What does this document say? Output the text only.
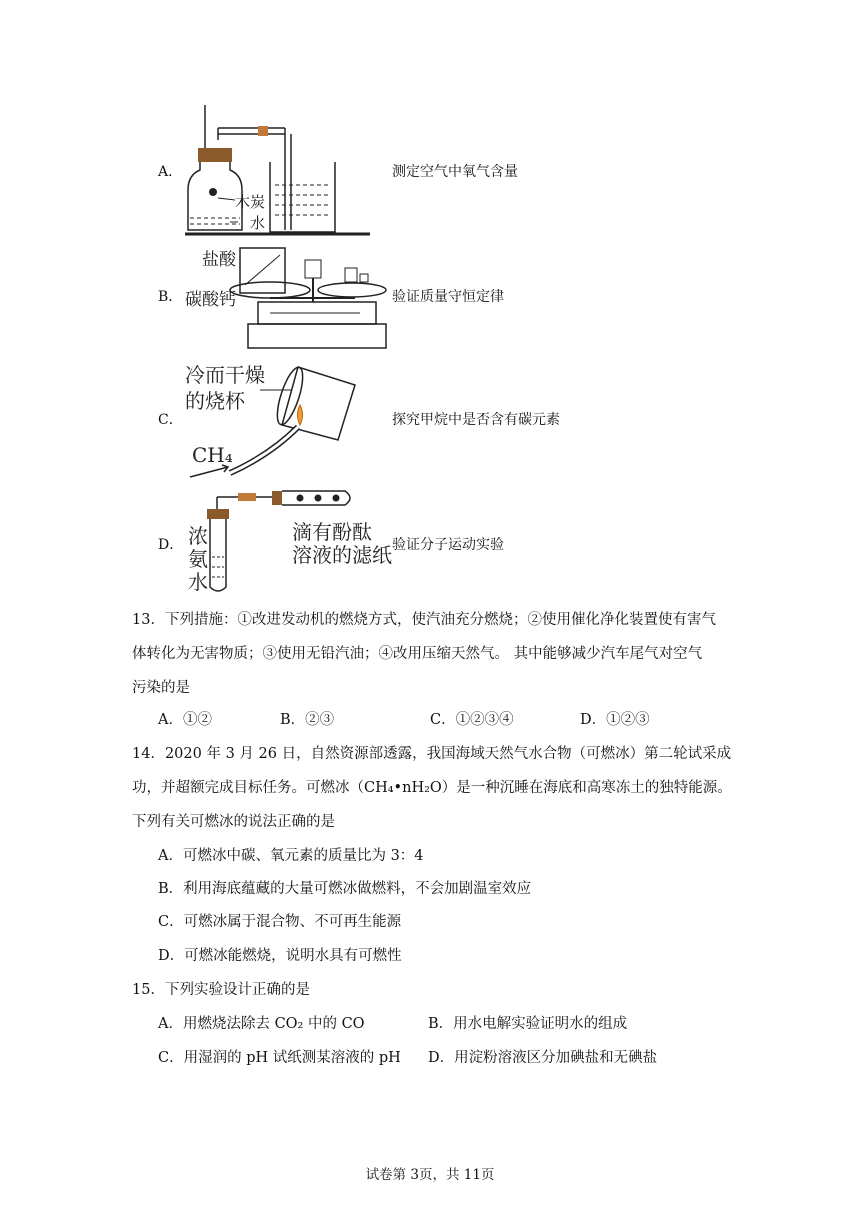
A．
木炭
水
测定空气中氧气含量
B．
盐酸
碳酸钙	验证质量守恒定律
C．
冷而干燥
的烧杯
CH₄
探究甲烷中是否含有碳元素
D． 浓
氨
水
滴有酚酞
溶液的滤纸 验证分子运动实验
13．下列措施：①改进发动机的燃烧方式，使汽油充分燃烧；②使用催化净化装置使有害气
体转化为无害物质；③使用无铅汽油；④改用压缩天然气。 其中能够减少汽车尾气对空气
污染的是
A．①②	B．②③	C．①②③④	D．①②③
14．2020 年 3 月 26 日，自然资源部透露，我国海域天然气水合物（可燃冰）第二轮试采成
功，并超额完成目标任务。可燃冰（CH₄•nH₂O）是一种沉睡在海底和高寒冻土的独特能源。
下列有关可燃冰的说法正确的是
A．可燃冰中碳、氧元素的质量比为 3：4
B．利用海底蕴藏的大量可燃冰做燃料，不会加剧温室效应
C．可燃冰属于混合物、不可再生能源
D．可燃冰能燃烧，说明水具有可燃性
15．下列实验设计正确的是
A．用燃烧法除去 CO₂ 中的 CO	B．用水电解实验证明水的组成
C．用湿润的 pH 试纸测某溶液的 pH D．用淀粉溶液区分加碘盐和无碘盐
试卷第 3页，共 11页
